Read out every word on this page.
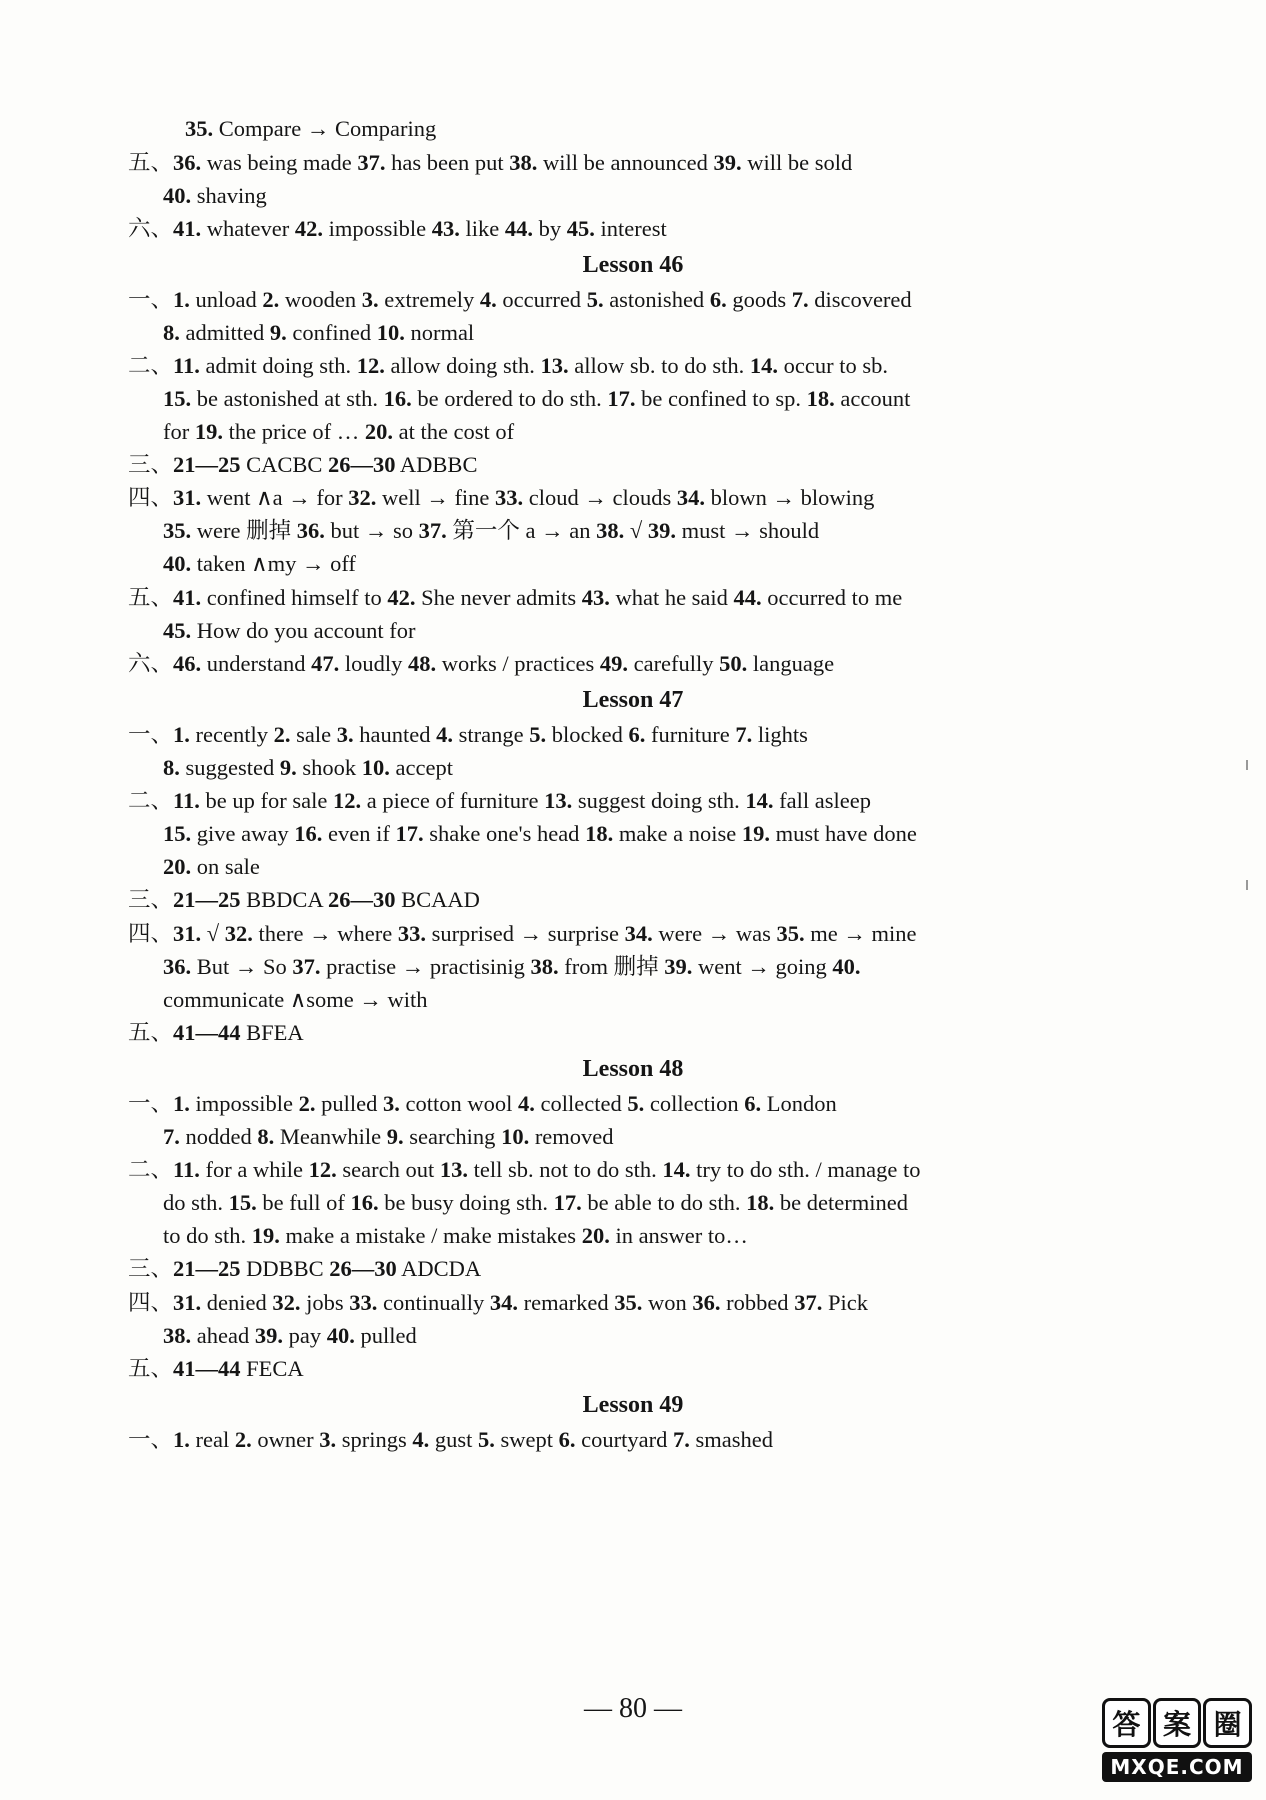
35. Compare → Comparing
五、36. was being made 37. has been put 38. will be announced 39. will be sold
40. shaving
六、41. whatever 42. impossible 43. like 44. by 45. interest
一、1. unload 2. wooden 3. extremely 4. occurred 5. astonished 6. goods 7. discovered
8. admitted 9. confined 10. normal
二、11. admit doing sth. 12. allow doing sth. 13. allow sb. to do sth. 14. occur to sb.
15. be astonished at sth. 16. be ordered to do sth. 17. be confined to sp. 18. account
for 19. the price of … 20. at the cost of
三、21—25 CACBC 26—30 ADBBC
四、31. went ∧a → for 32. well → fine 33. cloud → clouds 34. blown → blowing
35. were 删掉 36. but → so 37. 第一个 a → an 38. √ 39. must → should
40. taken ∧my → off
五、41. confined himself to 42. She never admits 43. what he said 44. occurred to me
45. How do you account for
六、46. understand 47. loudly 48. works / practices 49. carefully 50. language
一、1. recently 2. sale 3. haunted 4. strange 5. blocked 6. furniture 7. lights
8. suggested 9. shook 10. accept
二、11. be up for sale 12. a piece of furniture 13. suggest doing sth. 14. fall asleep
15. give away 16. even if 17. shake one's head 18. make a noise 19. must have done
20. on sale
三、21—25 BBDCA 26—30 BCAAD
四、31. √ 32. there → where 33. surprised → surprise 34. were → was 35. me → mine
36. But → So 37. practise → practisinig 38. from 删掉 39. went → going 40.
communicate ∧some → with
五、41—44 BFEA
一、1. impossible 2. pulled 3. cotton wool 4. collected 5. collection 6. London
7. nodded 8. Meanwhile 9. searching 10. removed
二、11. for a while 12. search out 13. tell sb. not to do sth. 14. try to do sth. / manage to
do sth. 15. be full of 16. be busy doing sth. 17. be able to do sth. 18. be determined
to do sth. 19. make a mistake / make mistakes 20. in answer to…
三、21—25 DDBBC 26—30 ADCDA
四、31. denied 32. jobs 33. continually 34. remarked 35. won 36. robbed 37. Pick
38. ahead 39. pay 40. pulled
五、41—44 FECA
一、1. real 2. owner 3. springs 4. gust 5. swept 6. courtyard 7. smashed
Lesson 46
Lesson 47
Lesson 48
Lesson 49
— 80 —	答 案 圈
MXQE.COM
